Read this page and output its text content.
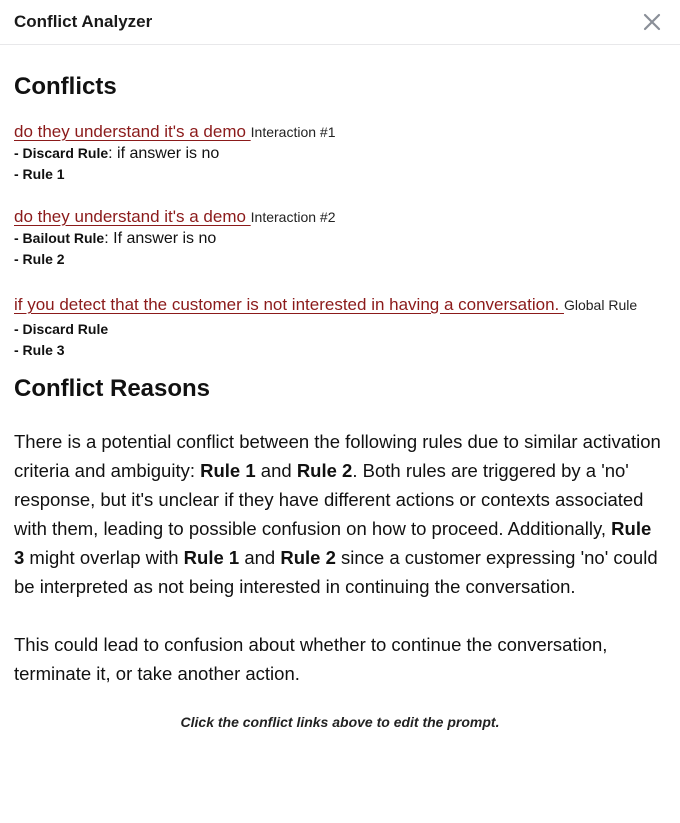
Conflict Analyzer
Conflicts
do they understand it's a demo Interaction #1
- Discard Rule: if answer is no
- Rule 1
do they understand it's a demo Interaction #2
- Bailout Rule: If answer is no
- Rule 2
if you detect that the customer is not interested in having a conversation. Global Rule
- Discard Rule
- Rule 3
Conflict Reasons

There is a potential conflict between the following rules due to similar activation criteria and ambiguity: Rule 1 and Rule 2. Both rules are triggered by a 'no' response, but it's unclear if they have different actions or contexts associated with them, leading to possible confusion on how to proceed. Additionally, Rule 3 might overlap with Rule 1 and Rule 2 since a customer expressing 'no' could be interpreted as not being interested in continuing the conversation.

This could lead to confusion about whether to continue the conversation, terminate it, or take another action.

Click the conflict links above to edit the prompt.
